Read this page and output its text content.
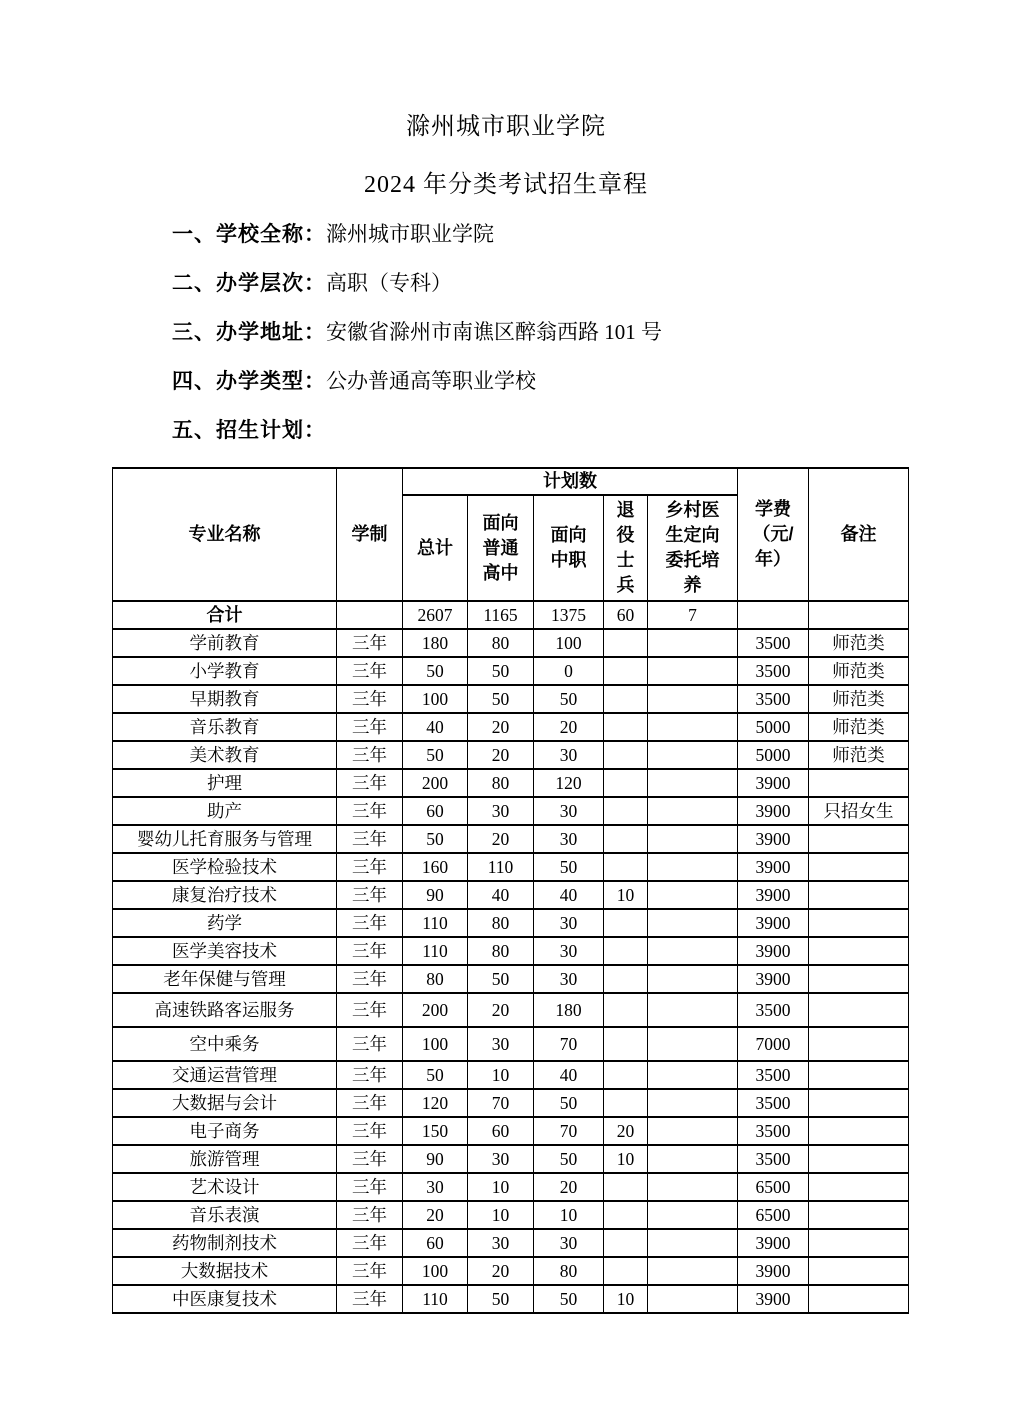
滁州城市职业学院
2024 年分类考试招生章程
一、学校全称：滁州城市职业学院
二、办学层次：高职（专科）
三、办学地址：安徽省滁州市南谯区醉翁西路 101 号
四、办学类型：公办普通高等职业学校
五、招生计划：
专业名称	学制	计划数					学费（元/年）	备注
		总计	面向普通高中	面向中职	退役士兵	乡村医生定向委托培养		
合计		2607	1165	1375	60	7		
学前教育	三年	180	80	100			3500	师范类
小学教育	三年	50	50	0			3500	师范类
早期教育	三年	100	50	50			3500	师范类
音乐教育	三年	40	20	20			5000	师范类
美术教育	三年	50	20	30			5000	师范类
护理	三年	200	80	120			3900	
助产	三年	60	30	30			3900	只招女生
婴幼儿托育服务与管理	三年	50	20	30			3900	
医学检验技术	三年	160	110	50			3900	
康复治疗技术	三年	90	40	40	10		3900	
药学	三年	110	80	30			3900	
医学美容技术	三年	110	80	30			3900	
老年保健与管理	三年	80	50	30			3900	
高速铁路客运服务	三年	200	20	180			3500	
空中乘务	三年	100	30	70			7000	
交通运营管理	三年	50	10	40			3500	
大数据与会计	三年	120	70	50			3500	
电子商务	三年	150	60	70	20		3500	
旅游管理	三年	90	30	50	10		3500	
艺术设计	三年	30	10	20			6500	
音乐表演	三年	20	10	10			6500	
药物制剂技术	三年	60	30	30			3900	
大数据技术	三年	100	20	80			3900	
中医康复技术	三年	110	50	50	10		3900	
